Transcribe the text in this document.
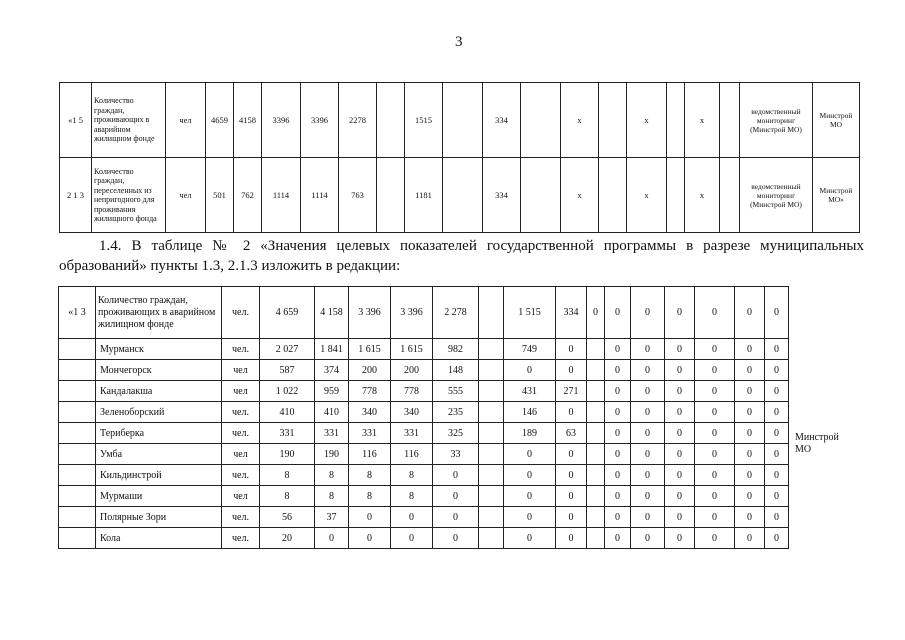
3
«1 5	Количество граждан, проживающих в аварийном жилищном фонде	чел	4659	4158	3396	3396	2278		1515		334		x		x		x		ведомственный мониторинг (Минстрой МО)	Минстрой МО
2 1 3	Количество граждан, переселенных из непригодного для проживания жилищного фонда	чел	501	762	1114	1114	763		1181		334		x		x		x		ведомственный мониторинг (Минстрой МО)	Минстрой МО»
1.4. В таблице № 2 «Значения целевых показателей государственной программы в разрезе муниципальных
образований» пункты 1.3, 2.1.3 изложить в редакции:
«1 3	Количество граждан, проживающих в аварийном жилищном фонде	чел.	4 659	4 158	3 396	3 396	2 278		1 515	334	0	0	0	0	0	0	0	
	Мурманск	чел.	2 027	1 841	1 615	1 615	982		749	0		0	0	0	0	0	0	Минстрой МО
	Мончегорск	чел	587	374	200	200	148		0	0		0	0	0	0	0	0	
	Кандалакша	чел	1 022	959	778	778	555		431	271		0	0	0	0	0	0	
	Зеленоборский	чел.	410	410	340	340	235		146	0		0	0	0	0	0	0	
	Териберка	чел.	331	331	331	331	325		189	63		0	0	0	0	0	0	
	Умба	чел	190	190	116	116	33		0	0		0	0	0	0	0	0	
	Кильдинстрой	чел.	8	8	8	8	0		0	0		0	0	0	0	0	0	
	Мурмаши	чел	8	8	8	8	0		0	0		0	0	0	0	0	0	
	Полярные Зори	чел.	56	37	0	0	0		0	0		0	0	0	0	0	0	
	Кола	чел.	20	0	0	0	0		0	0		0	0	0	0	0	0	
